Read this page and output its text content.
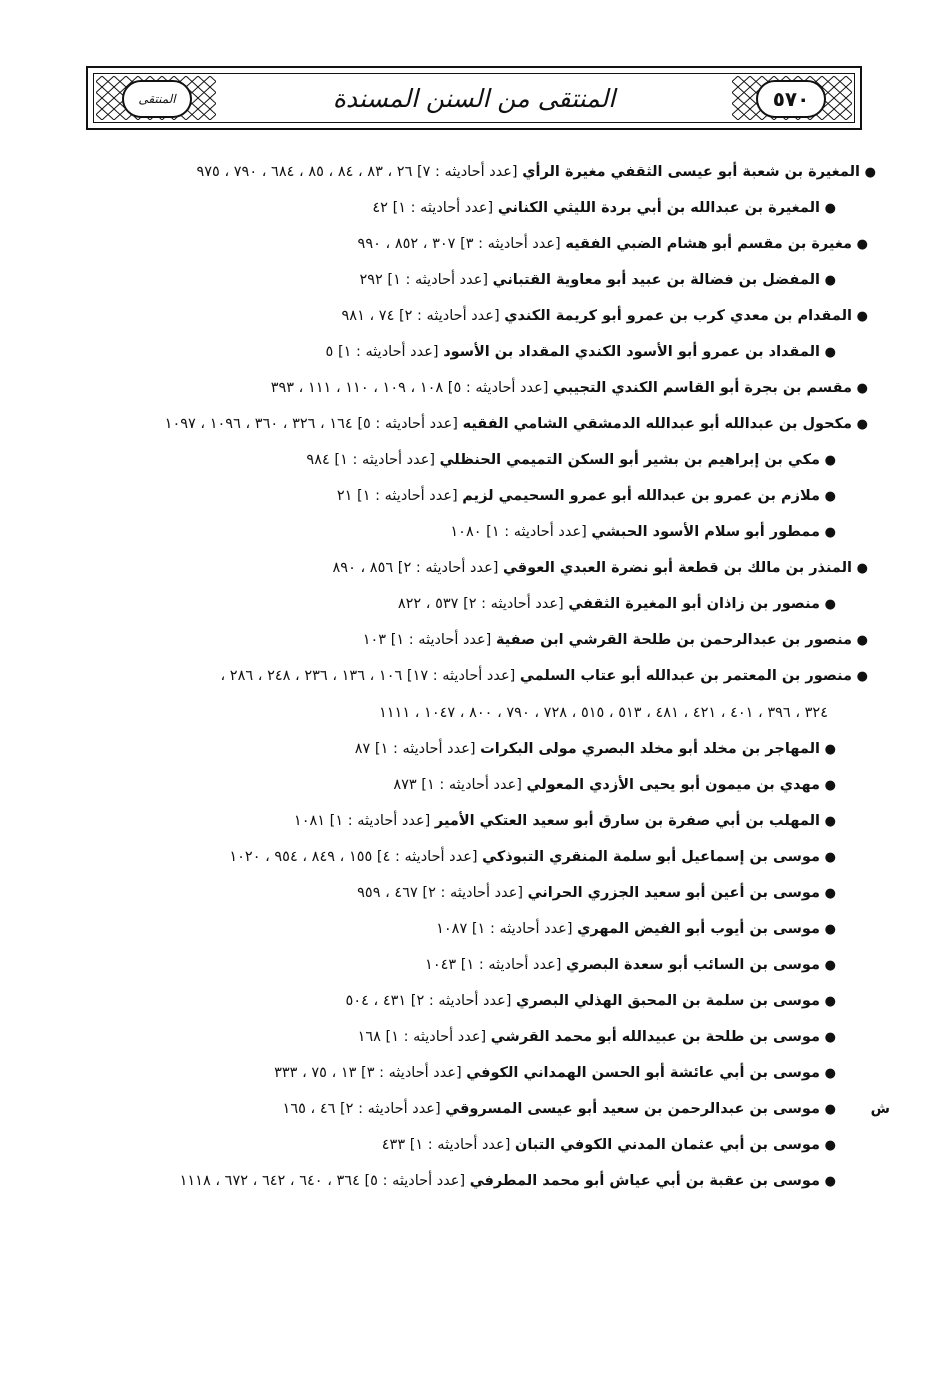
المنتقى	٥٧٠
المنتقى من السنن المسندة
●المغيرة بن شعبة أبو عيسى الثقفي مغيرة الرأي [عدد أحاديثه : ٧] ٢٦ ، ٨٣ ، ٨٤ ، ٨٥ ، ٦٨٤ ، ٧٩٠ ، ٩٧٥
●المغيرة بن عبدالله بن أبي بردة الليثي الكناني [عدد أحاديثه : ١] ٤٢
●مغيرة بن مقسم أبو هشام الضبي الفقيه [عدد أحاديثه : ٣] ٣٠٧ ، ٨٥٢ ، ٩٩٠
●المفضل بن فضالة بن عبيد أبو معاوية القتباني [عدد أحاديثه : ١] ٢٩٢
●المقدام بن معدي كرب بن عمرو أبو كريمة الكندي [عدد أحاديثه : ٢] ٧٤ ، ٩٨١
●المقداد بن عمرو أبو الأسود الكندي المقداد بن الأسود [عدد أحاديثه : ١] ٥
●مقسم بن بجرة أبو القاسم الكندي التجيبي [عدد أحاديثه : ٥] ١٠٨ ، ١٠٩ ، ١١٠ ، ١١١ ، ٣٩٣
●مكحول بن عبدالله أبو عبدالله الدمشقي الشامي الفقيه [عدد أحاديثه : ٥] ١٦٤ ، ٣٢٦ ، ٣٦٠ ، ١٠٩٦ ، ١٠٩٧
●مكي بن إبراهيم بن بشير أبو السكن التميمي الحنظلي [عدد أحاديثه : ١] ٩٨٤
●ملازم بن عمرو بن عبدالله أبو عمرو السحيمي لزيم [عدد أحاديثه : ١] ٢١
●ممطور أبو سلام الأسود الحبشي [عدد أحاديثه : ١] ١٠٨٠
●المنذر بن مالك بن قطعة أبو نضرة العبدي العوقي [عدد أحاديثه : ٢] ٨٥٦ ، ٨٩٠
●منصور بن زاذان أبو المغيرة الثقفي [عدد أحاديثه : ٢] ٥٣٧ ، ٨٢٢
●منصور بن عبدالرحمن بن طلحة القرشي ابن صفية [عدد أحاديثه : ١] ١٠٣
●منصور بن المعتمر بن عبدالله أبو عتاب السلمي [عدد أحاديثه : ١٧] ١٠٦ ، ١٣٦ ، ٢٣٦ ، ٢٤٨ ، ٢٨٦ ،
٣٢٤ ، ٣٩٦ ، ٤٠١ ، ٤٢١ ، ٤٨١ ، ٥١٣ ، ٥١٥ ، ٧٢٨ ، ٧٩٠ ، ٨٠٠ ، ١٠٤٧ ، ١١١١
●المهاجر بن مخلد أبو مخلد البصري مولى البكرات [عدد أحاديثه : ١] ٨٧
●مهدي بن ميمون أبو يحيى الأزدي المعولي [عدد أحاديثه : ١] ٨٧٣
●المهلب بن أبي صفرة بن سارق أبو سعيد العتكي الأمير [عدد أحاديثه : ١] ١٠٨١
●موسى بن إسماعيل أبو سلمة المنقري التبوذكي [عدد أحاديثه : ٤] ١٥٥ ، ٨٤٩ ، ٩٥٤ ، ١٠٢٠
●موسى بن أعين أبو سعيد الجزري الحراني [عدد أحاديثه : ٢] ٤٦٧ ، ٩٥٩
●موسى بن أيوب أبو الفيض المهري [عدد أحاديثه : ١] ١٠٨٧
●موسى بن السائب أبو سعدة البصري [عدد أحاديثه : ١] ١٠٤٣
●موسى بن سلمة بن المحبق الهذلي البصري [عدد أحاديثه : ٢] ٤٣١ ، ٥٠٤
●موسى بن طلحة بن عبيدالله أبو محمد القرشي [عدد أحاديثه : ١] ١٦٨
●موسى بن أبي عائشة أبو الحسن الهمداني الكوفي [عدد أحاديثه : ٣] ١٣ ، ٧٥ ، ٣٣٣
ش
●موسى بن عبدالرحمن بن سعيد أبو عيسى المسروقي [عدد أحاديثه : ٢] ٤٦ ، ١٦٥
●موسى بن أبي عثمان المدني الكوفي التبان [عدد أحاديثه : ١] ٤٣٣
●موسى بن عقبة بن أبي عياش أبو محمد المطرفي [عدد أحاديثه : ٥] ٣٦٤ ، ٦٤٠ ، ٦٤٢ ، ٦٧٢ ، ١١١٨
